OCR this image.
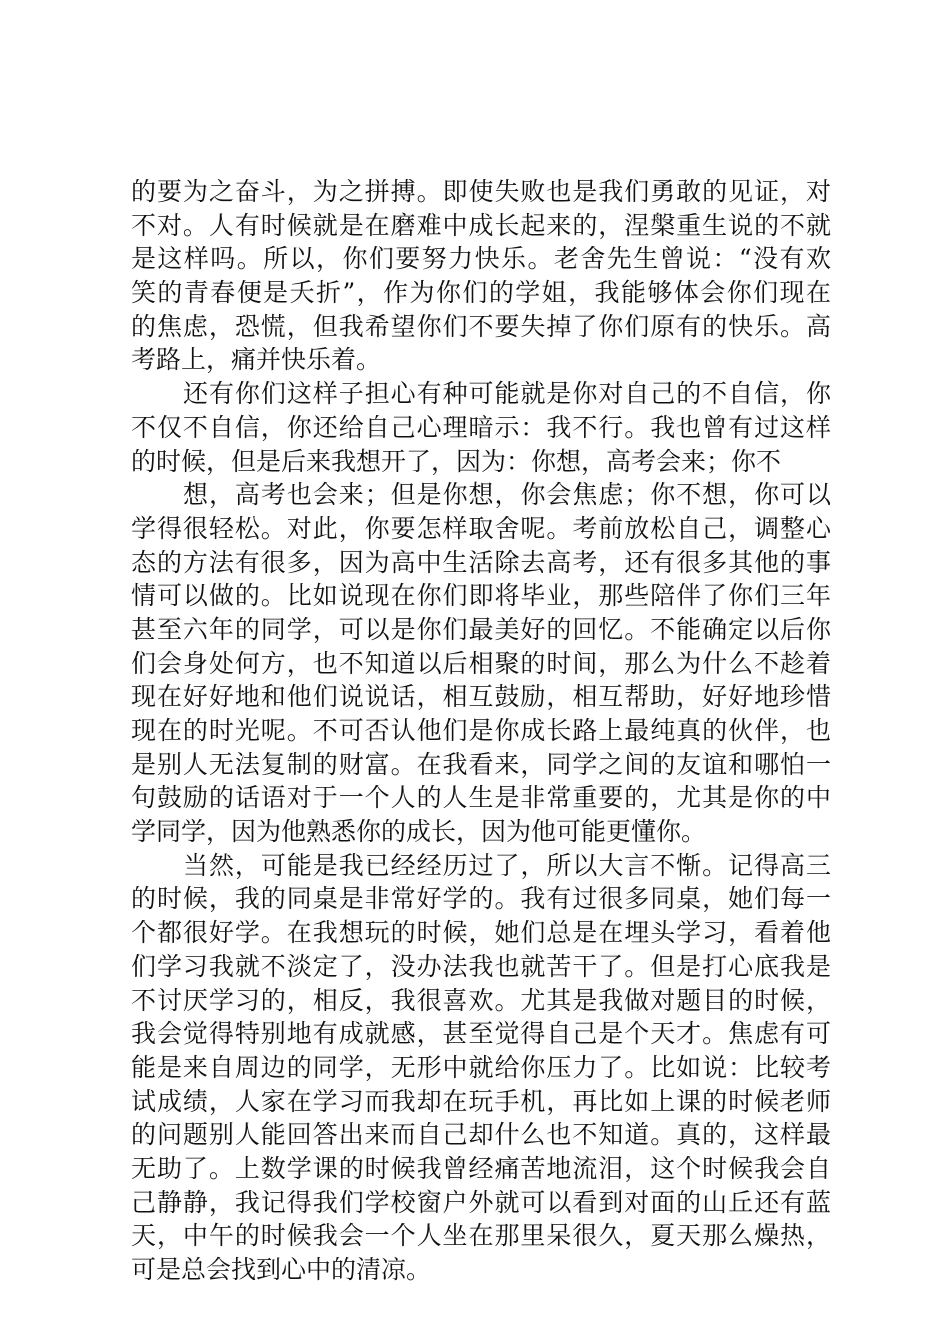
的要为之奋斗，为之拼搏。即使失败也是我们勇敢的见证，对
不对。人有时候就是在磨难中成长起来的，涅槃重生说的不就
是这样吗。所以，你们要努力快乐。老舍先生曾说：“没有欢
笑的青春便是夭折”，作为你们的学姐，我能够体会你们现在
的焦虑，恐慌，但我希望你们不要失掉了你们原有的快乐。高
考路上，痛并快乐着。
还有你们这样子担心有种可能就是你对自己的不自信，你
不仅不自信，你还给自己心理暗示：我不行。我也曾有过这样
的时候，但是后来我想开了，因为：你想，高考会来；你不
想，高考也会来；但是你想，你会焦虑；你不想，你可以
学得很轻松。对此，你要怎样取舍呢。考前放松自己，调整心
态的方法有很多，因为高中生活除去高考，还有很多其他的事
情可以做的。比如说现在你们即将毕业，那些陪伴了你们三年
甚至六年的同学，可以是你们最美好的回忆。不能确定以后你
们会身处何方，也不知道以后相聚的时间，那么为什么不趁着
现在好好地和他们说说话，相互鼓励，相互帮助，好好地珍惜
现在的时光呢。不可否认他们是你成长路上最纯真的伙伴，也
是别人无法复制的财富。在我看来，同学之间的友谊和哪怕一
句鼓励的话语对于一个人的人生是非常重要的，尤其是你的中
学同学，因为他熟悉你的成长，因为他可能更懂你。
当然，可能是我已经经历过了，所以大言不惭。记得高三
的时候，我的同桌是非常好学的。我有过很多同桌，她们每一
个都很好学。在我想玩的时候，她们总是在埋头学习，看着他
们学习我就不淡定了，没办法我也就苦干了。但是打心底我是
不讨厌学习的，相反，我很喜欢。尤其是我做对题目的时候，
我会觉得特别地有成就感，甚至觉得自己是个天才。焦虑有可
能是来自周边的同学，无形中就给你压力了。比如说：比较考
试成绩，人家在学习而我却在玩手机，再比如上课的时候老师
的问题别人能回答出来而自己却什么也不知道。真的，这样最
无助了。上数学课的时候我曾经痛苦地流泪，这个时候我会自
己静静，我记得我们学校窗户外就可以看到对面的山丘还有蓝
天，中午的时候我会一个人坐在那里呆很久，夏天那么燥热，
可是总会找到心中的清凉。
